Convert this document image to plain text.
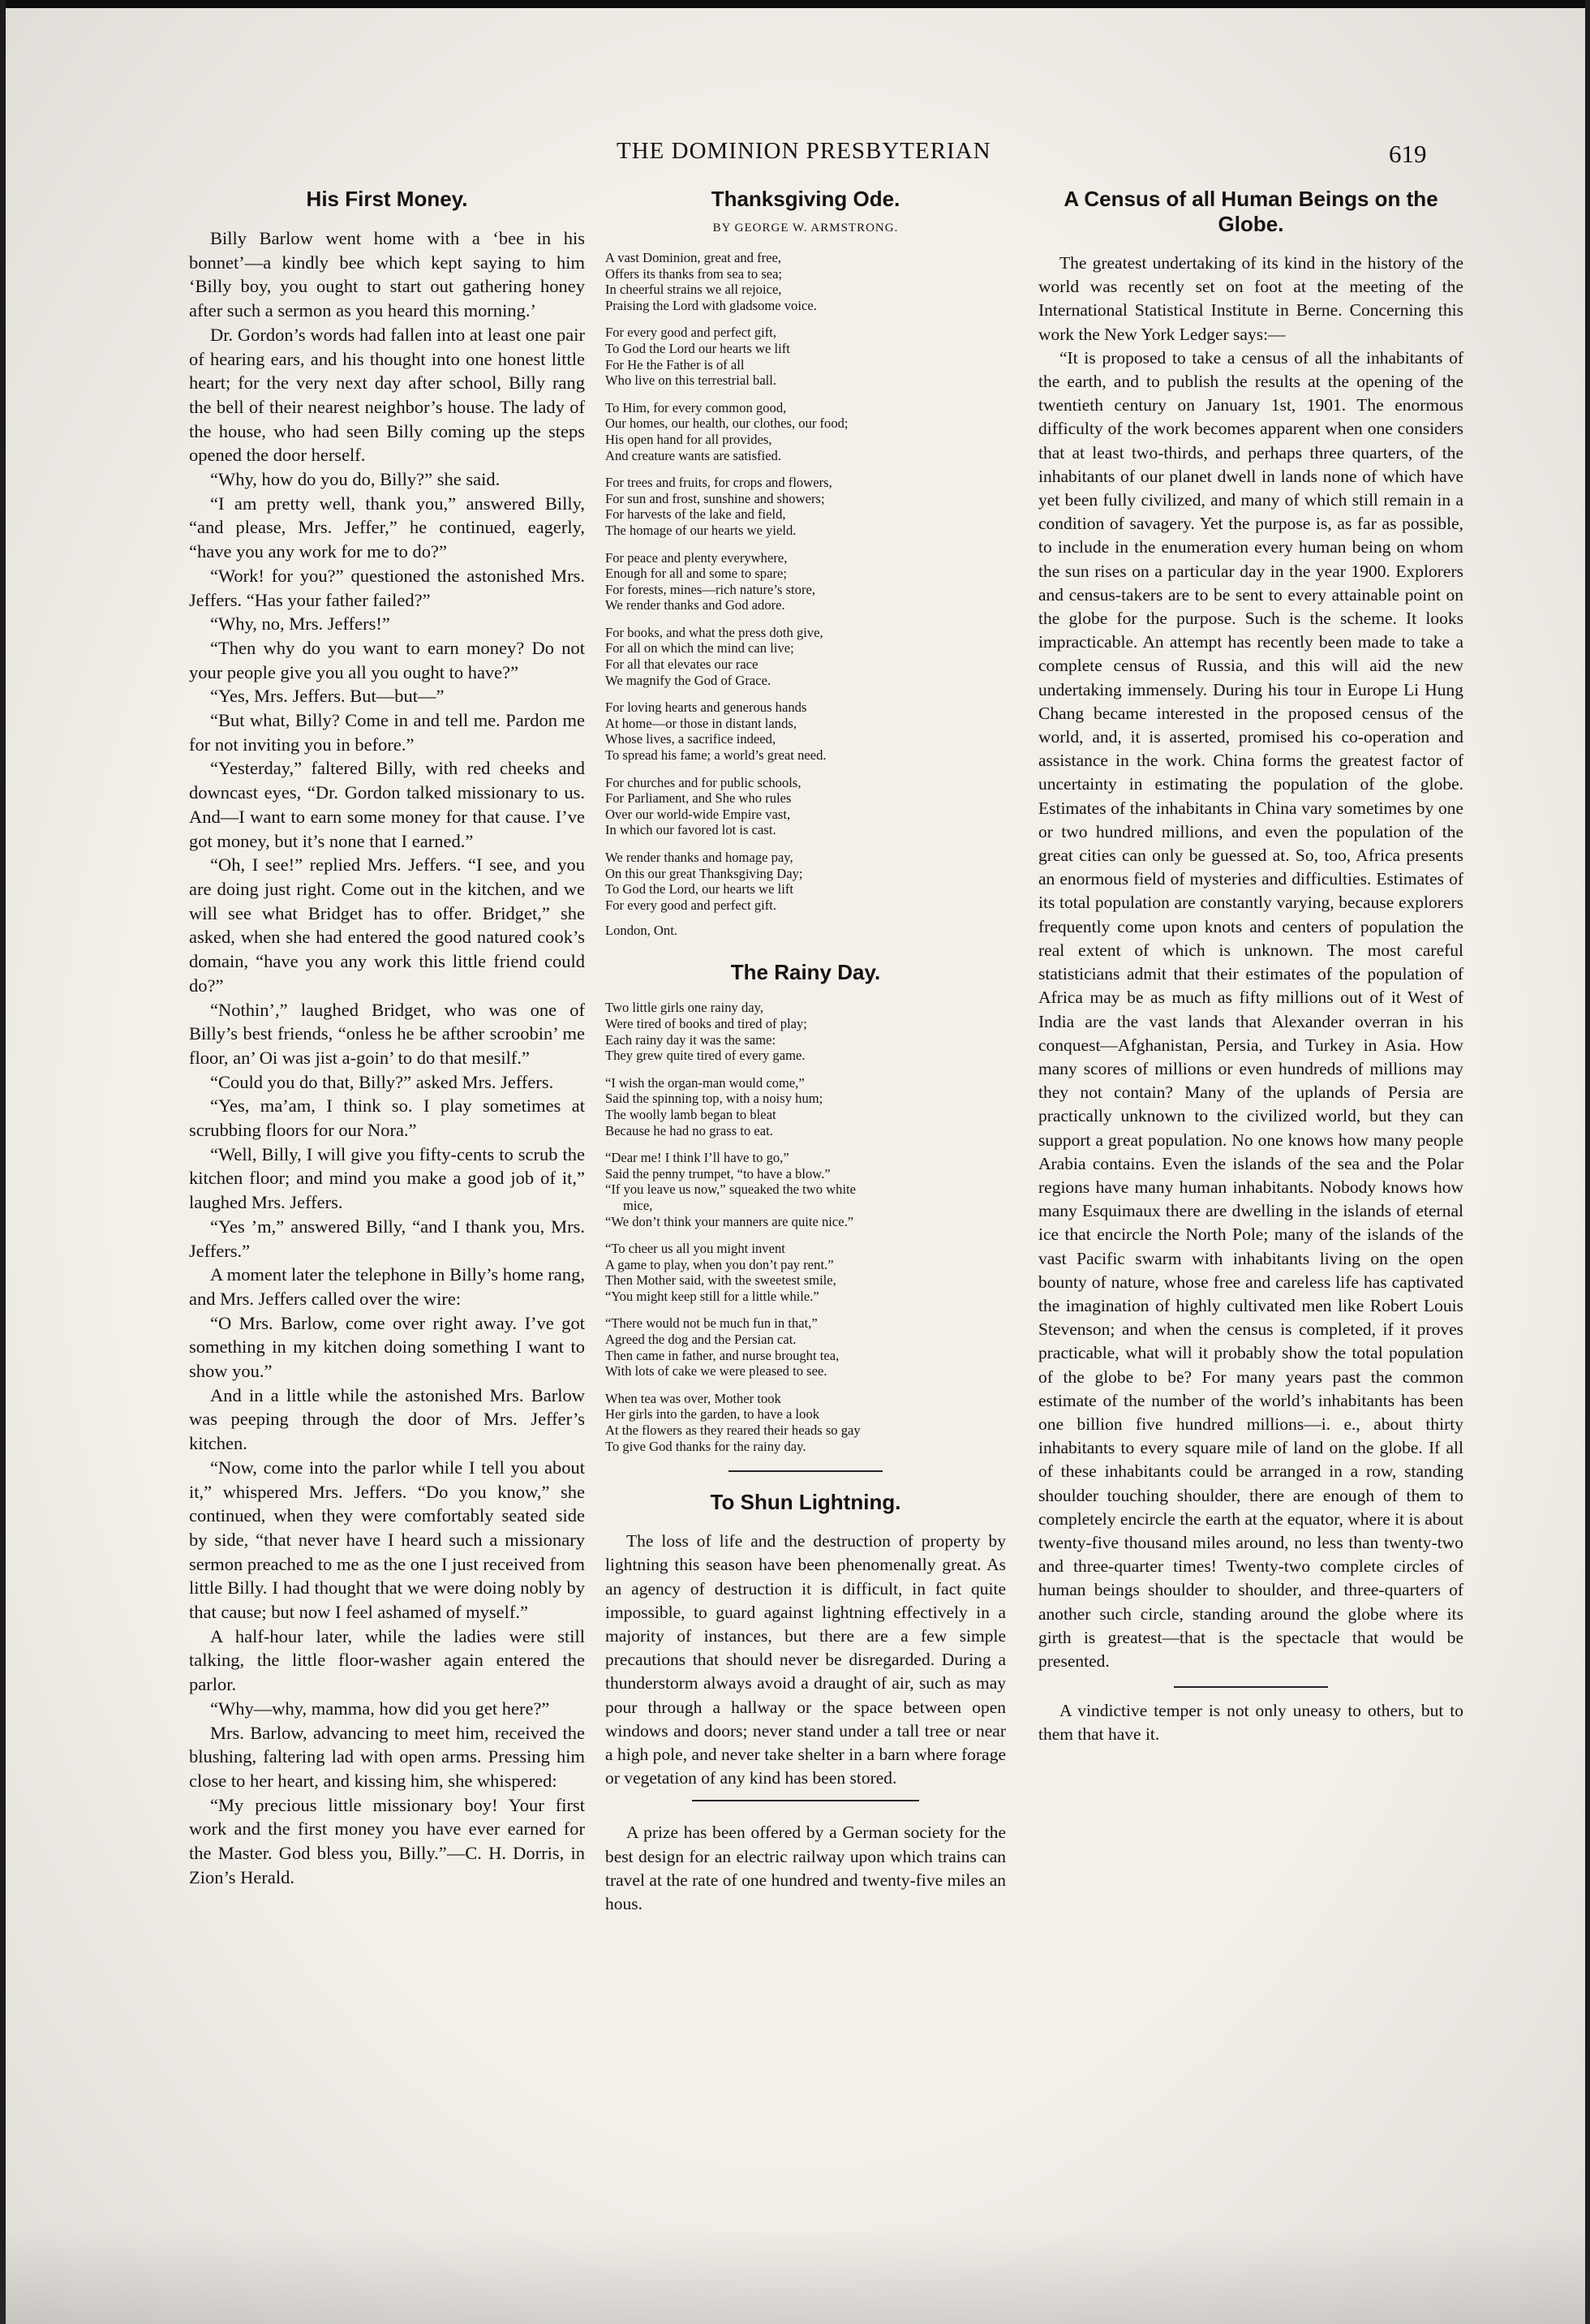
THE DOMINION PRESBYTERIAN	619
His First Money.

Billy Barlow went home with a ‘bee in his bonnet’—a kindly bee which kept saying to him ‘Billy boy, you ought to start out gathering honey after such a sermon as you heard this morning.’

Dr. Gordon’s words had fallen into at least one pair of hearing ears, and his thought into one honest little heart; for the very next day after school, Billy rang the bell of their nearest neighbor’s house. The lady of the house, who had seen Billy coming up the steps opened the door herself.

“Why, how do you do, Billy?” she said.

“I am pretty well, thank you,” answered Billy, “and please, Mrs. Jeffer,” he continued, eagerly, “have you any work for me to do?”

“Work! for you?” questioned the astonished Mrs. Jeffers. “Has your father failed?”

“Why, no, Mrs. Jeffers!”

“Then why do you want to earn money? Do not your people give you all you ought to have?”

“Yes, Mrs. Jeffers. But—but—”

“But what, Billy? Come in and tell me. Pardon me for not inviting you in before.”

“Yesterday,” faltered Billy, with red cheeks and downcast eyes, “Dr. Gordon talked missionary to us. And—I want to earn some money for that cause. I’ve got money, but it’s none that I earned.”

“Oh, I see!” replied Mrs. Jeffers. “I see, and you are doing just right. Come out in the kitchen, and we will see what Bridget has to offer. Bridget,” she asked, when she had entered the good natured cook’s domain, “have you any work this little friend could do?”

“Nothin’,” laughed Bridget, who was one of Billy’s best friends, “onless he be afther scroobin’ me floor, an’ Oi was jist a-goin’ to do that mesilf.”

“Could you do that, Billy?” asked Mrs. Jeffers.

“Yes, ma’am, I think so. I play sometimes at scrubbing floors for our Nora.”

“Well, Billy, I will give you fifty-cents to scrub the kitchen floor; and mind you make a good job of it,” laughed Mrs. Jeffers.

“Yes ’m,” answered Billy, “and I thank you, Mrs. Jeffers.”

A moment later the telephone in Billy’s home rang, and Mrs. Jeffers called over the wire:

“O Mrs. Barlow, come over right away. I’ve got something in my kitchen doing something I want to show you.”

And in a little while the astonished Mrs. Barlow was peeping through the door of Mrs. Jeffer’s kitchen.

“Now, come into the parlor while I tell you about it,” whispered Mrs. Jeffers. “Do you know,” she continued, when they were comfortably seated side by side, “that never have I heard such a missionary sermon preached to me as the one I just received from little Billy. I had thought that we were doing nobly by that cause; but now I feel ashamed of myself.”

A half-hour later, while the ladies were still talking, the little floor-washer again entered the parlor.

“Why—why, mamma, how did you get here?”

Mrs. Barlow, advancing to meet him, received the blushing, faltering lad with open arms. Pressing him close to her heart, and kissing him, she whispered:

“My precious little missionary boy! Your first work and the first money you have ever earned for the Master. God bless you, Billy.”—C. H. Dorris, in Zion’s Herald.

Thanksgiving Ode.
BY GEORGE W. ARMSTRONG.
A vast Dominion, great and free,
Offers its thanks from sea to sea;
In cheerful strains we all rejoice,
Praising the Lord with gladsome voice.
For every good and perfect gift,
To God the Lord our hearts we lift
For He the Father is of all
Who live on this terrestrial ball.
To Him, for every common good,
Our homes, our health, our clothes, our food;
His open hand for all provides,
And creature wants are satisfied.
For trees and fruits, for crops and flowers,
For sun and frost, sunshine and showers;
For harvests of the lake and field,
The homage of our hearts we yield.
For peace and plenty everywhere,
Enough for all and some to spare;
For forests, mines—rich nature’s store,
We render thanks and God adore.
For books, and what the press doth give,
For all on which the mind can live;
For all that elevates our race
We magnify the God of Grace.
For loving hearts and generous hands
At home—or those in distant lands,
Whose lives, a sacrifice indeed,
To spread his fame; a world’s great need.
For churches and for public schools,
For Parliament, and She who rules
Over our world-wide Empire vast,
In which our favored lot is cast.
We render thanks and homage pay,
On this our great Thanksgiving Day;
To God the Lord, our hearts we lift
For every good and perfect gift.
London, Ont.
The Rainy Day.
Two little girls one rainy day,
Were tired of books and tired of play;
Each rainy day it was the same:
They grew quite tired of every game.
“I wish the organ-man would come,”
Said the spinning top, with a noisy hum;
The woolly lamb began to bleat
Because he had no grass to eat.
“Dear me! I think I’ll have to go,”
Said the penny trumpet, “to have a blow.”
“If you leave us now,” squeaked the two white
mice,
“We don’t think your manners are quite nice.”
“To cheer us all you might invent
A game to play, when you don’t pay rent.”
Then Mother said, with the sweetest smile,
“You might keep still for a little while.”
“There would not be much fun in that,”
Agreed the dog and the Persian cat.
Then came in father, and nurse brought tea,
With lots of cake we were pleased to see.
When tea was over, Mother took
Her girls into the garden, to have a look
At the flowers as they reared their heads so gay
To give God thanks for the rainy day.
To Shun Lightning.

The loss of life and the destruction of property by lightning this season have been phenomenally great. As an agency of destruction it is difficult, in fact quite impossible, to guard against lightning effectively in a majority of instances, but there are a few simple precautions that should never be disregarded. During a thunderstorm always avoid a draught of air, such as may pour through a hallway or the space between open windows and doors; never stand under a tall tree or near a high pole, and never take shelter in a barn where forage or vegetation of any kind has been stored.

A prize has been offered by a German society for the best design for an electric railway upon which trains can travel at the rate of one hundred and twenty-five miles an hous.

A Census of all Human Beings on the Globe.

The greatest undertaking of its kind in the history of the world was recently set on foot at the meeting of the International Statistical Institute in Berne. Concerning this work the New York Ledger says:—

“It is proposed to take a census of all the inhabitants of the earth, and to publish the results at the opening of the twentieth century on January 1st, 1901. The enormous difficulty of the work becomes apparent when one considers that at least two-thirds, and perhaps three quarters, of the inhabitants of our planet dwell in lands none of which have yet been fully civilized, and many of which still remain in a condition of savagery. Yet the purpose is, as far as possible, to include in the enumeration every human being on whom the sun rises on a particular day in the year 1900. Explorers and census-takers are to be sent to every attainable point on the globe for the purpose. Such is the scheme. It looks impracticable. An attempt has recently been made to take a complete census of Russia, and this will aid the new undertaking immensely. During his tour in Europe Li Hung Chang became interested in the proposed census of the world, and, it is asserted, promised his co-operation and assistance in the work. China forms the greatest factor of uncertainty in estimating the population of the globe. Estimates of the inhabitants in China vary sometimes by one or two hundred millions, and even the population of the great cities can only be guessed at. So, too, Africa presents an enormous field of mysteries and difficulties. Estimates of its total population are constantly varying, because explorers frequently come upon knots and centers of population the real extent of which is unknown. The most careful statisticians admit that their estimates of the population of Africa may be as much as fifty millions out of it West of India are the vast lands that Alexander overran in his conquest—Afghanistan, Persia, and Turkey in Asia. How many scores of millions or even hundreds of millions may they not contain? Many of the uplands of Persia are practically unknown to the civilized world, but they can support a great population. No one knows how many people Arabia contains. Even the islands of the sea and the Polar regions have many human inhabitants. Nobody knows how many Esquimaux there are dwelling in the islands of eternal ice that encircle the North Pole; many of the islands of the vast Pacific swarm with inhabitants living on the open bounty of nature, whose free and careless life has captivated the imagination of highly cultivated men like Robert Louis Stevenson; and when the census is completed, if it proves practicable, what will it probably show the total population of the globe to be? For many years past the common estimate of the number of the world’s inhabitants has been one billion five hundred millions—i. e., about thirty inhabitants to every square mile of land on the globe. If all of these inhabitants could be arranged in a row, standing shoulder touching shoulder, there are enough of them to completely encircle the earth at the equator, where it is about twenty-five thousand miles around, no less than twenty-two and three-quarter times! Twenty-two complete circles of human beings shoulder to shoulder, and three-quarters of another such circle, standing around the globe where its girth is greatest—that is the spectacle that would be presented.

A vindictive temper is not only uneasy to others, but to them that have it.
